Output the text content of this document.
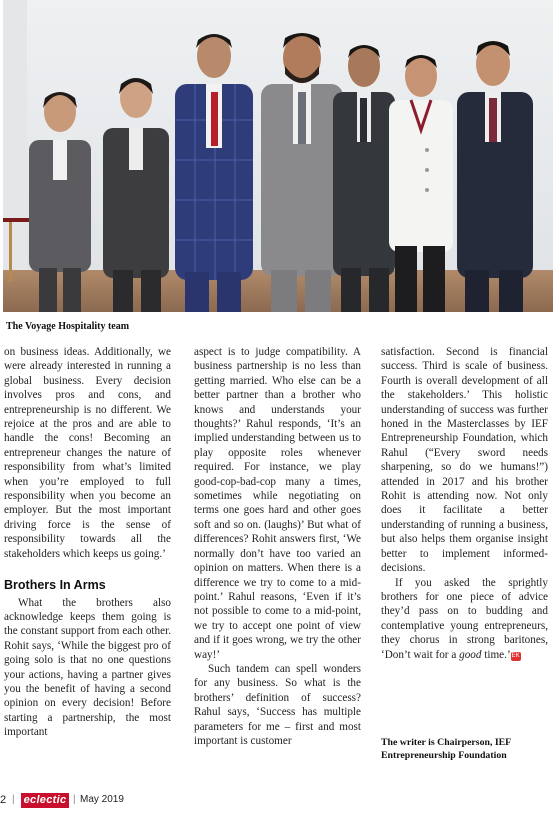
The Voyage Hospitality team

on business ideas. Additionally, we were already interested in running a global business. Every decision involves pros and cons, and entrepreneurship is no different. We rejoice at the pros and are able to handle the cons! Becoming an entrepreneur changes the nature of responsibility from what’s limited when you’re employed to full responsibility when you become an employer. But the most important driving force is the sense of responsibility towards all the stakeholders which keeps us going.’

Brothers In Arms

What the brothers also acknowledge keeps them going is the constant support from each other. Rohit says, ‘While the biggest pro of going solo is that no one questions your actions, having a partner gives you the benefit of having a second opinion on every decision! Before starting a partnership, the most important

aspect is to judge compatibility. A business partnership is no less than getting married. Who else can be a better partner than a brother who knows and understands your thoughts?’ Rahul responds, ‘It’s an implied understanding between us to play opposite roles whenever required. For instance, we play good-cop-bad-cop many a times, sometimes while negotiating on terms one goes hard and other goes soft and so on. (laughs)’ But what of differences? Rohit answers first, ‘We normally don’t have too varied an opinion on matters. When there is a difference we try to come to a mid-point.’ Rahul reasons, ‘Even if it’s not possible to come to a mid-point, we try to accept one point of view and if it goes wrong, we try the other way!’

Such tandem can spell wonders for any business. So what is the brothers’ definition of success? Rahul says, ‘Success has multiple parameters for me – first and most important is customer

satisfaction. Second is financial success. Third is scale of business. Fourth is overall development of all the stakeholders.’ This holistic understanding of success was further honed in the Masterclasses by IEF Entrepreneurship Foundation, which Rahul (“Every sword needs sharpening, so do we humans!”) attended in 2017 and his brother Rohit is attending now. Not only does it facilitate a better understanding of running a business, but also helps them organise insight better to implement informed-decisions.

If you asked the sprightly brothers for one piece of advice they’d pass on to budding and contemplative young entrepreneurs, they chorus in strong baritones, ‘Don’t wait for a good time.’EK

The writer is Chairperson, IEF Entrepreneurship Foundation
2 | eclectic | May 2019
